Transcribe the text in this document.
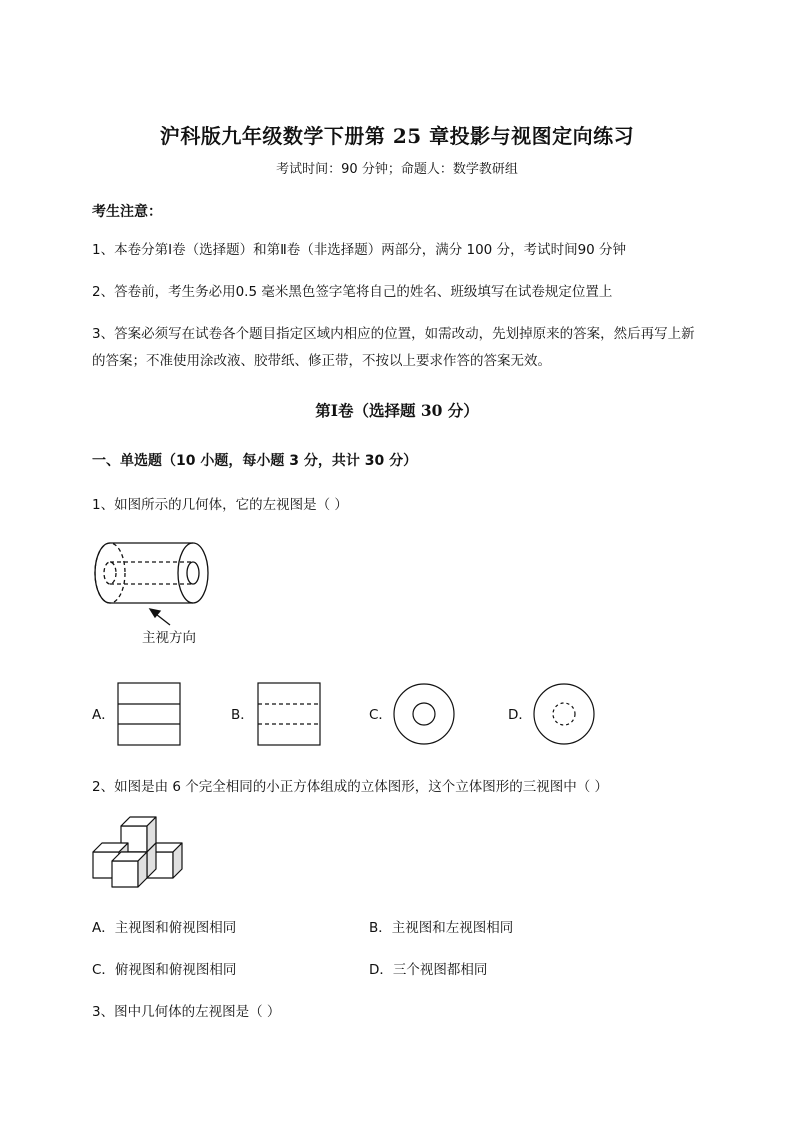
沪科版九年级数学下册第 25 章投影与视图定向练习
考试时间：90 分钟；命题人：数学教研组
考生注意：
1、本卷分第Ⅰ卷（选择题）和第Ⅱ卷（非选择题）两部分，满分 100 分，考试时间90 分钟
2、答卷前，考生务必用0.5 毫米黑色签字笔将自己的姓名、班级填写在试卷规定位置上
3、答案必须写在试卷各个题目指定区域内相应的位置，如需改动，先划掉原来的答案，然后再写上新
的答案；不准使用涂改液、胶带纸、修正带，不按以上要求作答的答案无效。
第Ⅰ卷（选择题 30 分）
一、单选题（10 小题，每小题 3 分，共计 30 分）
1、如图所示的几何体，它的左视图是（ ）
主视方向
A．	B．	C．	D．
2、如图是由 6 个完全相同的小正方体组成的立体图形，这个立体图形的三视图中（ ）
A．主视图和俯视图相同	B．主视图和左视图相同
C．俯视图和俯视图相同	D．三个视图都相同
3、图中几何体的左视图是（ ）
